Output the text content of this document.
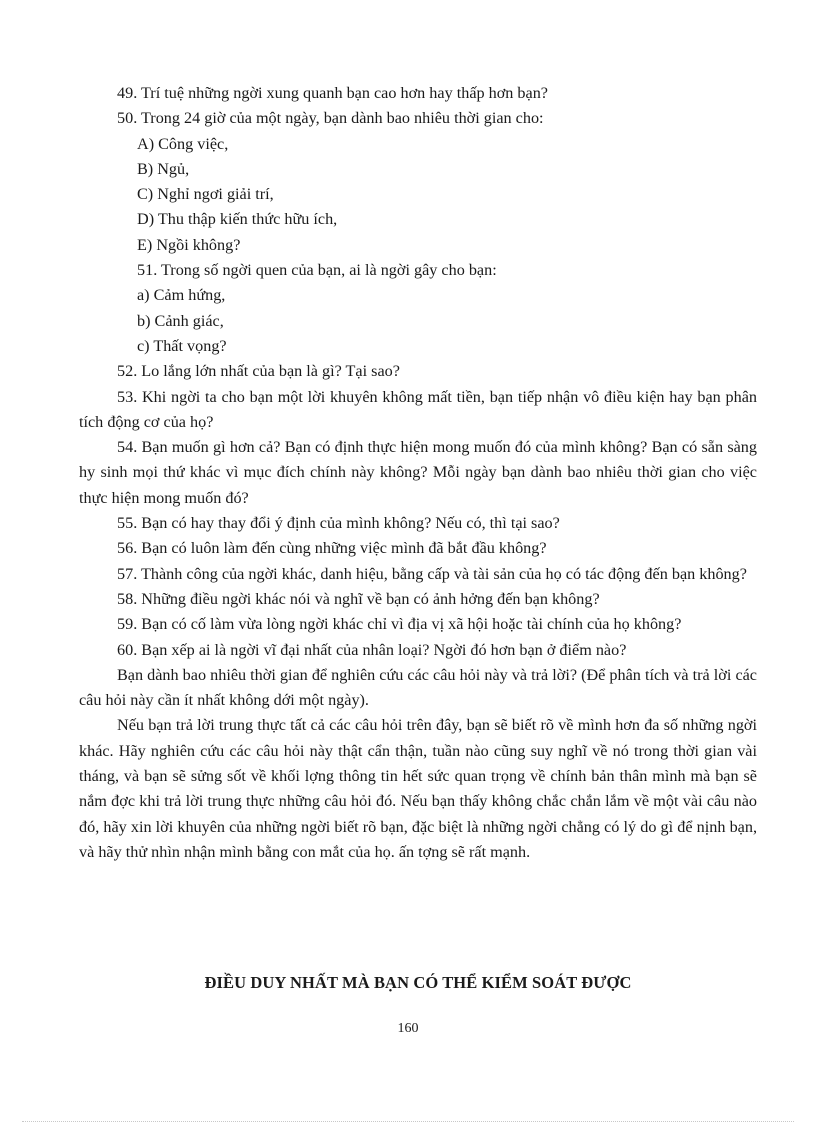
49. Trí tuệ những ngời xung quanh bạn cao hơn hay thấp hơn bạn?

50. Trong 24 giờ của một ngày, bạn dành bao nhiêu thời gian cho:

A) Công việc,

B) Ngủ,

C) Nghỉ ngơi giải trí,

D) Thu thập kiến thức hữu ích,

E) Ngồi không?

51. Trong số ngời quen của bạn, ai là ngời gây cho bạn:

a) Cảm hứng,

b) Cảnh giác,

c) Thất vọng?

52. Lo lắng lớn nhất của bạn là gì? Tại sao?

53. Khi ngời ta cho bạn một lời khuyên không mất tiền, bạn tiếp nhận vô điều kiện hay bạn phân tích động cơ của họ?

54. Bạn muốn gì hơn cả? Bạn có định thực hiện mong muốn đó của mình không? Bạn có sẵn sàng hy sinh mọi thứ khác vì mục đích chính này không? Mỗi ngày bạn dành bao nhiêu thời gian cho việc thực hiện mong muốn đó?

55. Bạn có hay thay đổi ý định của mình không? Nếu có, thì tại sao?

56. Bạn có luôn làm đến cùng những việc mình đã bắt đầu không?

57. Thành công của ngời khác, danh hiệu, bằng cấp và tài sản của họ có tác động đến bạn không?

58. Những điều ngời khác nói và nghĩ về bạn có ảnh hởng đến bạn không?

59. Bạn có cố làm vừa lòng ngời khác chỉ vì địa vị xã hội hoặc tài chính của họ không?

60. Bạn xếp ai là ngời vĩ đại nhất của nhân loại? Ngời đó hơn bạn ở điểm nào?

Bạn dành bao nhiêu thời gian để nghiên cứu các câu hỏi này và trả lời? (Để phân tích và trả lời các câu hỏi này cần ít nhất không dới một ngày).

Nếu bạn trả lời trung thực tất cả các câu hỏi trên đây, bạn sẽ biết rõ về mình hơn đa số những ngời khác. Hãy nghiên cứu các câu hỏi này thật cẩn thận, tuần nào cũng suy nghĩ về nó trong thời gian vài tháng, và bạn sẽ sửng sốt về khối lợng thông tin hết sức quan trọng về chính bản thân mình mà bạn sẽ nắm đợc khi trả lời trung thực những câu hỏi đó. Nếu bạn thấy không chắc chắn lắm về một vài câu nào đó, hãy xin lời khuyên của những ngời biết rõ bạn, đặc biệt là những ngời chẳng có lý do gì để nịnh bạn, và hãy thử nhìn nhận mình bằng con mắt của họ. ấn tợng sẽ rất mạnh.

ĐIỀU DUY NHẤT MÀ BẠN CÓ THỂ KIỂM SOÁT ĐƯỢC
160
